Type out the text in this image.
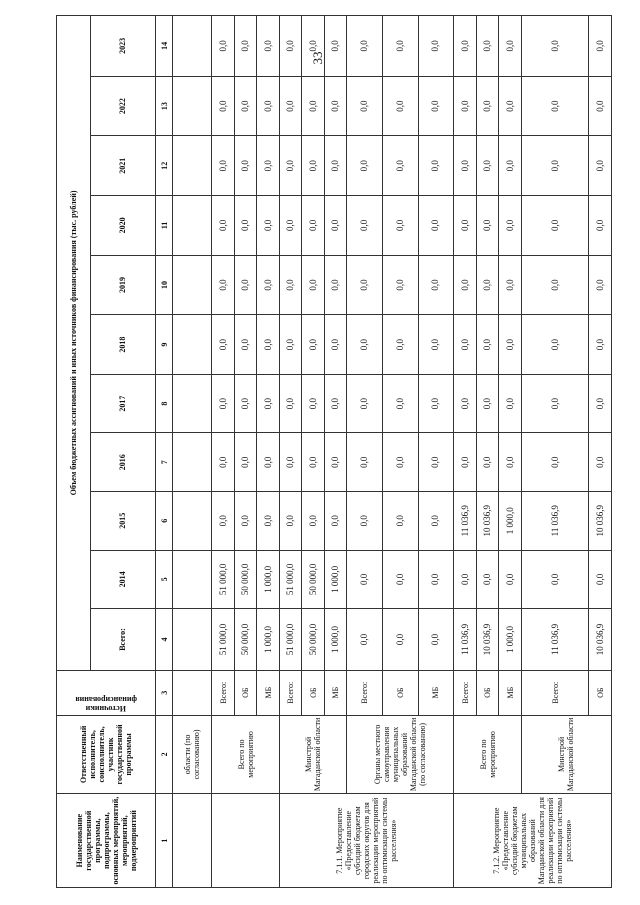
33
Наименование государственной программы, подпрограммы, основных мероприятий, мероприятий, подмероприятий	Ответственный исполнитель, соисполнитель, участник государственной программы	Источники финансирования	Объем бюджетных ассигнований и иных источников финансирования (тыс. рублей)										
			Всего:	2014	2015	2016	2017	2018	2019	2020	2021	2022	2023
1	2	3	4	5	6	7	8	9	10	11	12	13	14
	области (по согласованию)												
	Всего по мероприятию	Всего:	51 000,0	51 000,0	0,0	0,0	0,0	0,0	0,0	0,0	0,0	0,0	0,0
		ОБ	50 000,0	50 000,0	0,0	0,0	0,0	0,0	0,0	0,0	0,0	0,0	0,0
		МБ	1 000,0	1 000,0	0,0	0,0	0,0	0,0	0,0	0,0	0,0	0,0	0,0
7.1.1. Мероприятие «Предоставление субсидий бюджетам городских округов для реализации мероприятий по оптимизации системы расселения»	Минстрой Магаданской области	Всего:	51 000,0	51 000,0	0,0	0,0	0,0	0,0	0,0	0,0	0,0	0,0	0,0
		ОБ	50 000,0	50 000,0	0,0	0,0	0,0	0,0	0,0	0,0	0,0	0,0	0,0
		МБ	1 000,0	1 000,0	0,0	0,0	0,0	0,0	0,0	0,0	0,0	0,0	0,0
	Органы местного самоуправления муниципальных образований Магаданской области (по согласованию)	Всего:	0,0	0,0	0,0	0,0	0,0	0,0	0,0	0,0	0,0	0,0	0,0
		ОБ	0,0	0,0	0,0	0,0	0,0	0,0	0,0	0,0	0,0	0,0	0,0
		МБ	0,0	0,0	0,0	0,0	0,0	0,0	0,0	0,0	0,0	0,0	0,0
7.1.2. Мероприятие «Предоставление субсидий бюджетам муниципальных образований Магаданской области для реализации мероприятий по оптимизации системы расселения»	Всего по мероприятию	Всего:	11 036,9	0,0	11 036,9	0,0	0,0	0,0	0,0	0,0	0,0	0,0	0,0
		ОБ	10 036,9	0,0	10 036,9	0,0	0,0	0,0	0,0	0,0	0,0	0,0	0,0
		МБ	1 000,0	0,0	1 000,0	0,0	0,0	0,0	0,0	0,0	0,0	0,0	0,0
	Минстрой Магаданской области	Всего:	11 036,9	0,0	11 036,9	0,0	0,0	0,0	0,0	0,0	0,0	0,0	0,0
		ОБ	10 036,9	0,0	10 036,9	0,0	0,0	0,0	0,0	0,0	0,0	0,0	0,0
